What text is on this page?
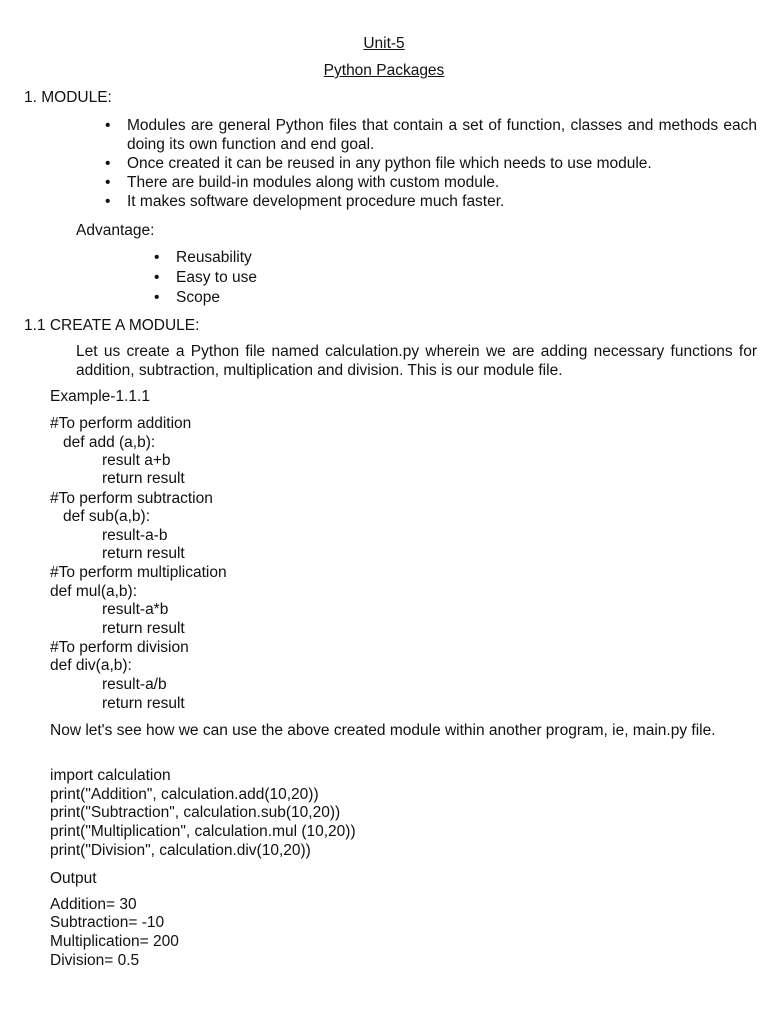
Unit-5
Python Packages
1. MODULE:
• Modules are general Python files that contain a set of function, classes and methods each doing its own function and end goal.
• Once created it can be reused in any python file which needs to use module.
• There are build-in modules along with custom module.
• It makes software development procedure much faster.
Advantage:
• Reusability
• Easy to use
• Scope
1.1 CREATE A MODULE:
Let us create a Python file named calculation.py wherein we are adding necessary functions for addition, subtraction, multiplication and division. This is our module file.
Example-1.1.1
#To perform addition
def add (a,b):
result a+b
return result
#To perform subtraction
def sub(a,b):
result-a-b
return result
#To perform multiplication
def mul(a,b):
result-a*b
return result
#To perform division
def div(a,b):
result-a/b
return result
Now let's see how we can use the above created module within another program, ie, main.py file.
import calculation
print("Addition", calculation.add(10,20))
print("Subtraction", calculation.sub(10,20))
print("Multiplication", calculation.mul (10,20))
print("Division", calculation.div(10,20))
Output
Addition= 30
Subtraction= -10
Multiplication= 200
Division= 0.5
